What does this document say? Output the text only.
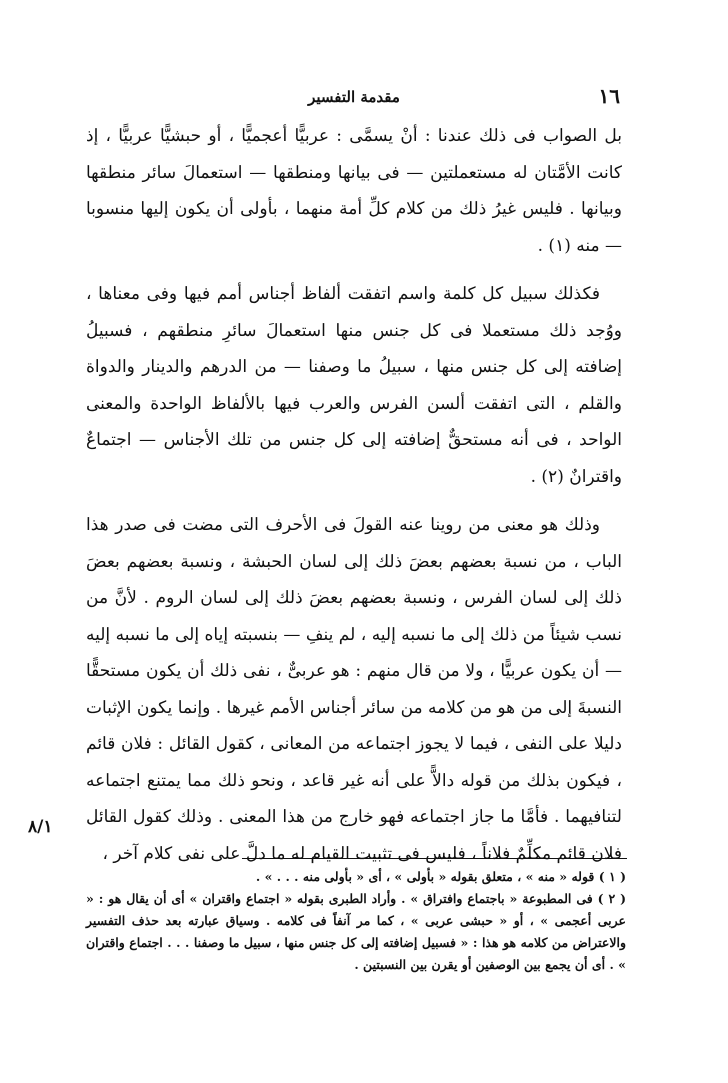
١٦
مقدمة التفسير

بل الصواب فى ذلك عندنا : أنْ يسمَّى : عربيًّا أعجميًّا ، أو حبشيًّا عربيًّا ، إذ كانت الأمَّتان له مستعملتين — فى بيانها ومنطقها — استعمالَ سائر منطقها وبيانها . فليس غيرُ ذلك من كلام كلِّ أمة منهما ، بأولى أن يكون إليها منسوبا — منه (١) .

فكذلك سبيل كل كلمة واسم اتفقت ألفاظ أجناس أمم فيها وفى معناها ، ووُجد ذلك مستعملا فى كل جنس منها استعمالَ سائرِ منطقهم ، فسبيلُ إضافته إلى كل جنس منها ، سبيلُ ما وصفنا — من الدرهم والدينار والدواة والقلم ، التى اتفقت ألسن الفرس والعرب فيها بالألفاظ الواحدة والمعنى الواحد ، فى أنه مستحقٌّ إضافته إلى كل جنس من تلك الأجناس — اجتماعٌ واقترانٌ (٢) .

وذلك هو معنى من روينا عنه القولَ فى الأحرف التى مضت فى صدر هذا الباب ، من نسبة بعضهم بعضَ ذلك إلى لسان الحبشة ، ونسبة بعضهم بعضَ ذلك إلى لسان الفرس ، ونسبة بعضهم بعضَ ذلك إلى لسان الروم . لأنَّ من نسب شيئاً من ذلك إلى ما نسبه إليه ، لم ينفِ — بنسبته إياه إلى ما نسبه إليه — أن يكون عربيًّا ، ولا من قال منهم : هو عربىٌّ ، نفى ذلك أن يكون مستحقًّا النسبةَ إلى من هو من كلامه من سائر أجناس الأمم غيرها . وإنما يكون الإثبات دليلا على النفى ، فيما لا يجوز اجتماعه من المعانى ، كقول القائل : فلان قائم ، فيكون بذلك من قوله دالاًّ على أنه غير قاعد ، ونحو ذلك مما يمتنع اجتماعه لتنافيهما . فأمَّا ما جاز اجتماعه فهو خارج من هذا المعنى . وذلك كقول القائل فلان قائم مكلِّمٌ فلاناً ، فليس فى تثبيت القيام له ما دلَّ على نفى كلام آخر ،

٨/١

( ١ ) قوله « منه » ، متعلق بقوله « بأولى » ، أى « بأولى منه . . . » .

( ٢ ) فى المطبوعة « باجتماع وافتراق » . وأراد الطبرى بقوله « اجتماع واقتران » أى أن يقال هو : « عربى أعجمى » ، أو « حبشى عربى » ، كما مر آنفاً فى كلامه . وسياق عبارته بعد حذف التفسير والاعتراض من كلامه هو هذا : « فسبيل إضافته إلى كل جنس منها ، سبيل ما وصفنا . . . اجتماع واقتران » . أى أن يجمع بين الوصفين أو يقرن بين النسبتين .
